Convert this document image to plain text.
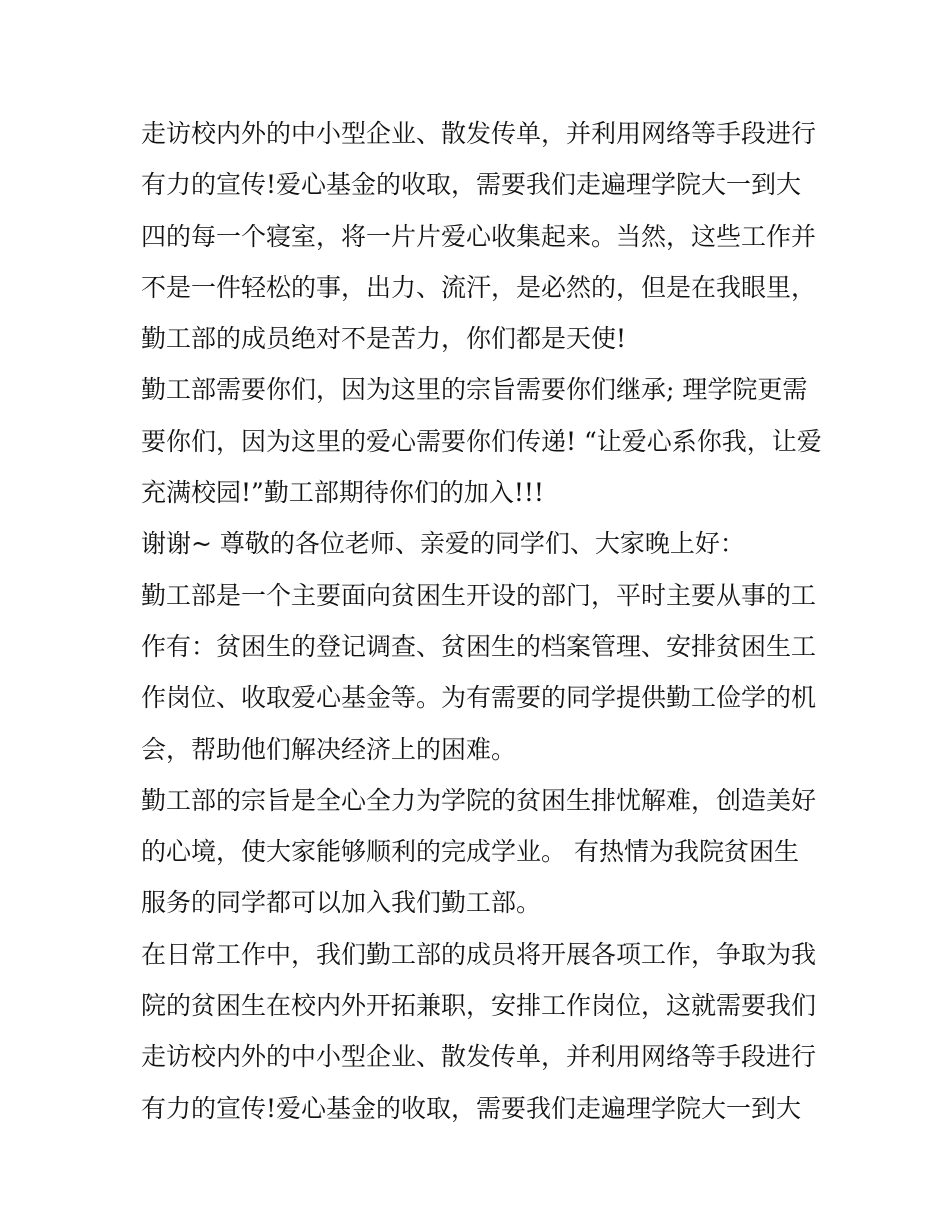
走访校内外的中小型企业、散发传单，并利用网络等手段进行
有力的宣传!爱心基金的收取，需要我们走遍理学院大一到大
四的每一个寝室，将一片片爱心收集起来。当然，这些工作并
不是一件轻松的事，出力、流汗，是必然的，但是在我眼里，
勤工部的成员绝对不是苦力，你们都是天使!
勤工部需要你们，因为这里的宗旨需要你们继承; 理学院更需
要你们，因为这里的爱心需要你们传递! “让爱心系你我，让爱
充满校园!”勤工部期待你们的加入!!!
谢谢~ 尊敬的各位老师、亲爱的同学们、大家晚上好：
勤工部是一个主要面向贫困生开设的部门，平时主要从事的工
作有：贫困生的登记调查、贫困生的档案管理、安排贫困生工
作岗位、收取爱心基金等。为有需要的同学提供勤工俭学的机
会，帮助他们解决经济上的困难。
勤工部的宗旨是全心全力为学院的贫困生排忧解难，创造美好
的心境，使大家能够顺利的完成学业。 有热情为我院贫困生
服务的同学都可以加入我们勤工部。
在日常工作中，我们勤工部的成员将开展各项工作，争取为我
院的贫困生在校内外开拓兼职，安排工作岗位，这就需要我们
走访校内外的中小型企业、散发传单，并利用网络等手段进行
有力的宣传!爱心基金的收取，需要我们走遍理学院大一到大
